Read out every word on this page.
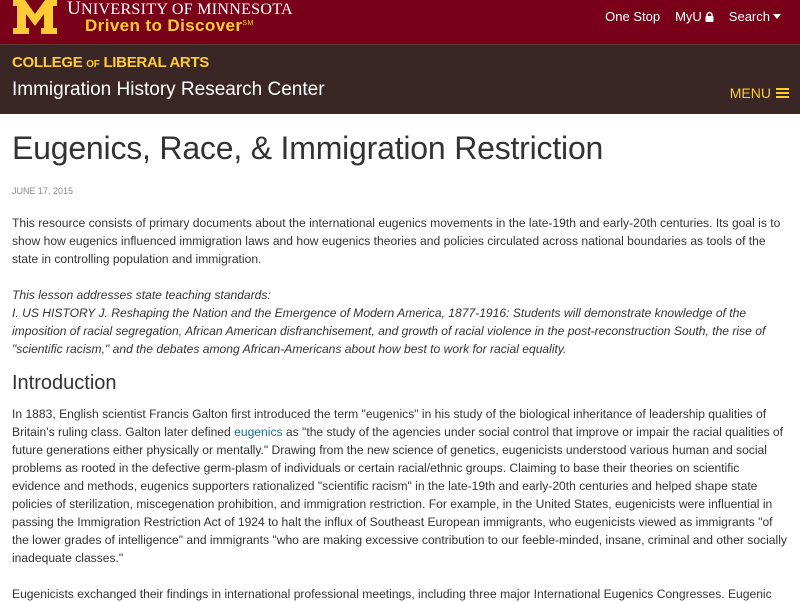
UNIVERSITY OF MINNESOTA
Driven to Discover℠	One Stop MyU Search
COLLEGE OF LIBERAL ARTS
Immigration History Research Center	MENU
Eugenics, Race, & Immigration Restriction
JUNE 17, 2015

This resource consists of primary documents about the international eugenics movements in the late-19th and early-20th centuries. Its goal is to show how eugenics influenced immigration laws and how eugenics theories and policies circulated across national boundaries as tools of the state in controlling population and immigration.

This lesson addresses state teaching standards:
I. US HISTORY J. Reshaping the Nation and the Emergence of Modern America, 1877-1916: Students will demonstrate knowledge of the imposition of racial segregation, African American disfranchisement, and growth of racial violence in the post-reconstruction South, the rise of "scientific racism," and the debates among African-Americans about how best to work for racial equality.

Introduction

In 1883, English scientist Francis Galton first introduced the term "eugenics" in his study of the biological inheritance of leadership qualities of Britain's ruling class. Galton later defined eugenics as "the study of the agencies under social control that improve or impair the racial qualities of future generations either physically or mentally." Drawing from the new science of genetics, eugenicists understood various human and social problems as rooted in the defective germ-plasm of individuals or certain racial/ethnic groups. Claiming to base their theories on scientific evidence and methods, eugenics supporters rationalized "scientific racism" in the late-19th and early-20th centuries and helped shape state policies of sterilization, miscegenation prohibition, and immigration restriction. For example, in the United States, eugenicists were influential in passing the Immigration Restriction Act of 1924 to halt the influx of Southeast European immigrants, who eugenicists viewed as immigrants "of the lower grades of intelligence" and immigrants "who are making excessive contribution to our feeble-minded, insane, criminal and other socially inadequate classes."

Eugenicists exchanged their findings in international professional meetings, including three major International Eugenics Congresses. Eugenic
